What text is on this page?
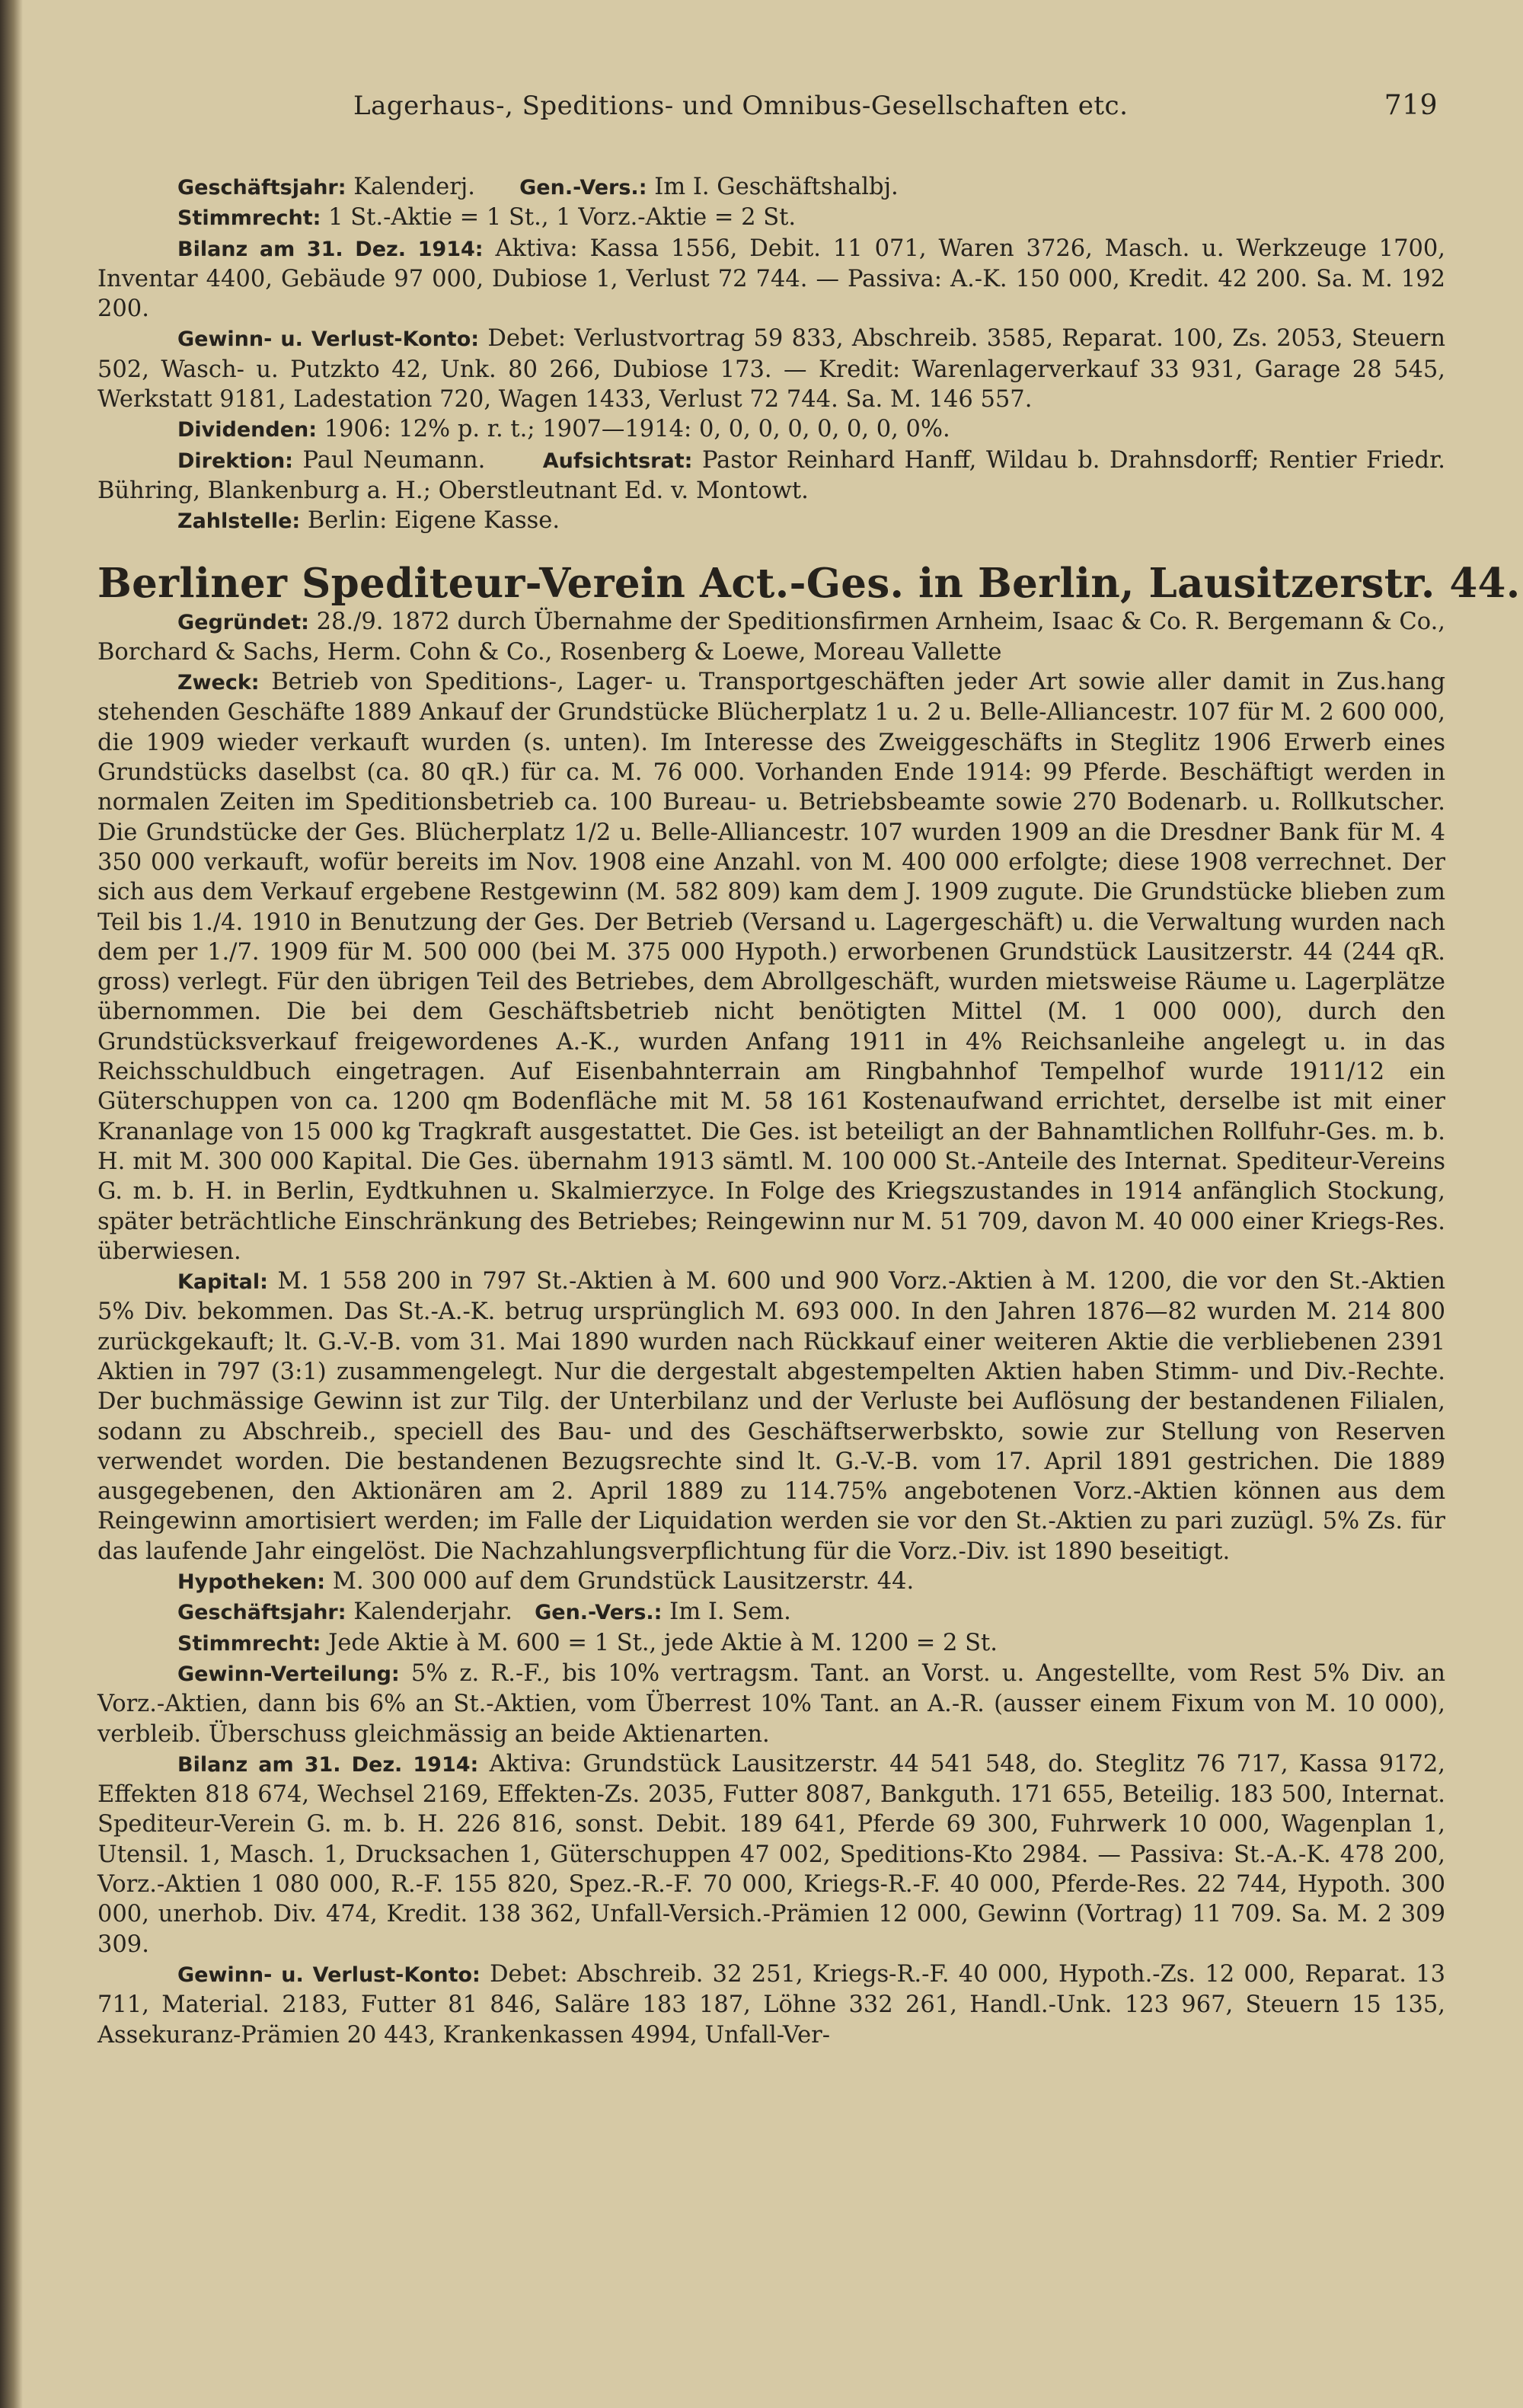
Lagerhaus-, Speditions- und Omnibus-Gesellschaften etc.	719

Geschäftsjahr: Kalenderj.      Gen.-Vers.: Im I. Geschäftshalbj.

Stimmrecht: 1 St.-Aktie = 1 St., 1 Vorz.-Aktie = 2 St.

Bilanz am 31. Dez. 1914: Aktiva: Kassa 1556, Debit. 11 071, Waren 3726, Masch. u. Werkzeuge 1700, Inventar 4400, Gebäude 97 000, Dubiose 1, Verlust 72 744. — Passiva: A.-K. 150 000, Kredit. 42 200. Sa. M. 192 200.

Gewinn- u. Verlust-Konto: Debet: Verlustvortrag 59 833, Abschreib. 3585, Reparat. 100, Zs. 2053, Steuern 502, Wasch- u. Putzkto 42, Unk. 80 266, Dubiose 173. — Kredit: Warenlagerverkauf 33 931, Garage 28 545, Werkstatt 9181, Ladestation 720, Wagen 1433, Verlust 72 744. Sa. M. 146 557.

Dividenden: 1906: 12% p. r. t.; 1907—1914: 0, 0, 0, 0, 0, 0, 0, 0%.

Direktion: Paul Neumann.      Aufsichtsrat: Pastor Reinhard Hanff, Wildau b. Drahnsdorff; Rentier Friedr. Bühring, Blankenburg a. H.; Oberstleutnant Ed. v. Montowt.

Zahlstelle: Berlin: Eigene Kasse.

Berliner Spediteur-Verein Act.-Ges. in Berlin, Lausitzerstr. 44.

Gegründet: 28./9. 1872 durch Übernahme der Speditionsfirmen Arnheim, Isaac & Co. R. Bergemann & Co., Borchard & Sachs, Herm. Cohn & Co., Rosenberg & Loewe, Moreau Vallette

Zweck: Betrieb von Speditions-, Lager- u. Transportgeschäften jeder Art sowie aller damit in Zus.hang stehenden Geschäfte 1889 Ankauf der Grundstücke Blücherplatz 1 u. 2 u. Belle-Alliancestr. 107 für M. 2 600 000, die 1909 wieder verkauft wurden (s. unten). Im Interesse des Zweiggeschäfts in Steglitz 1906 Erwerb eines Grundstücks daselbst (ca. 80 qR.) für ca. M. 76 000. Vorhanden Ende 1914: 99 Pferde. Beschäftigt werden in normalen Zeiten im Speditionsbetrieb ca. 100 Bureau- u. Betriebsbeamte sowie 270 Bodenarb. u. Rollkutscher. Die Grundstücke der Ges. Blücherplatz 1/2 u. Belle-Alliancestr. 107 wurden 1909 an die Dresdner Bank für M. 4 350 000 verkauft, wofür bereits im Nov. 1908 eine Anzahl. von M. 400 000 erfolgte; diese 1908 verrechnet. Der sich aus dem Verkauf ergebene Restgewinn (M. 582 809) kam dem J. 1909 zugute. Die Grundstücke blieben zum Teil bis 1./4. 1910 in Benutzung der Ges. Der Betrieb (Versand u. Lagergeschäft) u. die Verwaltung wurden nach dem per 1./7. 1909 für M. 500 000 (bei M. 375 000 Hypoth.) erworbenen Grundstück Lausitzerstr. 44 (244 qR. gross) verlegt. Für den übrigen Teil des Betriebes, dem Abrollgeschäft, wurden mietsweise Räume u. Lagerplätze übernommen. Die bei dem Geschäftsbetrieb nicht benötigten Mittel (M. 1 000 000), durch den Grundstücksverkauf freigewordenes A.-K., wurden Anfang 1911 in 4% Reichsanleihe angelegt u. in das Reichsschuldbuch eingetragen. Auf Eisenbahnterrain am Ringbahnhof Tempelhof wurde 1911/12 ein Güterschuppen von ca. 1200 qm Bodenfläche mit M. 58 161 Kostenaufwand errichtet, derselbe ist mit einer Krananlage von 15 000 kg Tragkraft ausgestattet. Die Ges. ist beteiligt an der Bahnamtlichen Rollfuhr-Ges. m. b. H. mit M. 300 000 Kapital. Die Ges. übernahm 1913 sämtl. M. 100 000 St.-Anteile des Internat. Spediteur-Vereins G. m. b. H. in Berlin, Eydtkuhnen u. Skalmierzyce. In Folge des Kriegszustandes in 1914 anfänglich Stockung, später beträchtliche Einschränkung des Betriebes; Reingewinn nur M. 51 709, davon M. 40 000 einer Kriegs-Res. überwiesen.

Kapital: M. 1 558 200 in 797 St.-Aktien à M. 600 und 900 Vorz.-Aktien à M. 1200, die vor den St.-Aktien 5% Div. bekommen. Das St.-A.-K. betrug ursprünglich M. 693 000. In den Jahren 1876—82 wurden M. 214 800 zurückgekauft; lt. G.-V.-B. vom 31. Mai 1890 wurden nach Rückkauf einer weiteren Aktie die verbliebenen 2391 Aktien in 797 (3:1) zusammengelegt. Nur die dergestalt abgestempelten Aktien haben Stimm- und Div.-Rechte. Der buchmässige Gewinn ist zur Tilg. der Unterbilanz und der Verluste bei Auflösung der bestandenen Filialen, sodann zu Abschreib., speciell des Bau- und des Geschäftserwerbskto, sowie zur Stellung von Reserven verwendet worden. Die bestandenen Bezugsrechte sind lt. G.-V.-B. vom 17. April 1891 gestrichen. Die 1889 ausgegebenen, den Aktionären am 2. April 1889 zu 114.75% angebotenen Vorz.-Aktien können aus dem Reingewinn amortisiert werden; im Falle der Liquidation werden sie vor den St.-Aktien zu pari zuzügl. 5% Zs. für das laufende Jahr eingelöst. Die Nachzahlungsverpflichtung für die Vorz.-Div. ist 1890 beseitigt.

Hypotheken: M. 300 000 auf dem Grundstück Lausitzerstr. 44.

Geschäftsjahr: Kalenderjahr.   Gen.-Vers.: Im I. Sem.

Stimmrecht: Jede Aktie à M. 600 = 1 St., jede Aktie à M. 1200 = 2 St.

Gewinn-Verteilung: 5% z. R.-F., bis 10% vertragsm. Tant. an Vorst. u. Angestellte, vom Rest 5% Div. an Vorz.-Aktien, dann bis 6% an St.-Aktien, vom Überrest 10% Tant. an A.-R. (ausser einem Fixum von M. 10 000), verbleib. Überschuss gleichmässig an beide Aktienarten.

Bilanz am 31. Dez. 1914: Aktiva: Grundstück Lausitzerstr. 44 541 548, do. Steglitz 76 717, Kassa 9172, Effekten 818 674, Wechsel 2169, Effekten-Zs. 2035, Futter 8087, Bankguth. 171 655, Beteilig. 183 500, Internat. Spediteur-Verein G. m. b. H. 226 816, sonst. Debit. 189 641, Pferde 69 300, Fuhrwerk 10 000, Wagenplan 1, Utensil. 1, Masch. 1, Drucksachen 1, Güterschuppen 47 002, Speditions-Kto 2984. — Passiva: St.-A.-K. 478 200, Vorz.-Aktien 1 080 000, R.-F. 155 820, Spez.-R.-F. 70 000, Kriegs-R.-F. 40 000, Pferde-Res. 22 744, Hypoth. 300 000, unerhob. Div. 474, Kredit. 138 362, Unfall-Versich.-Prämien 12 000, Gewinn (Vortrag) 11 709. Sa. M. 2 309 309.

Gewinn- u. Verlust-Konto: Debet: Abschreib. 32 251, Kriegs-R.-F. 40 000, Hypoth.-Zs. 12 000, Reparat. 13 711, Material. 2183, Futter 81 846, Saläre 183 187, Löhne 332 261, Handl.-Unk. 123 967, Steuern 15 135, Assekuranz-Prämien 20 443, Krankenkassen 4994, Unfall-Ver-
